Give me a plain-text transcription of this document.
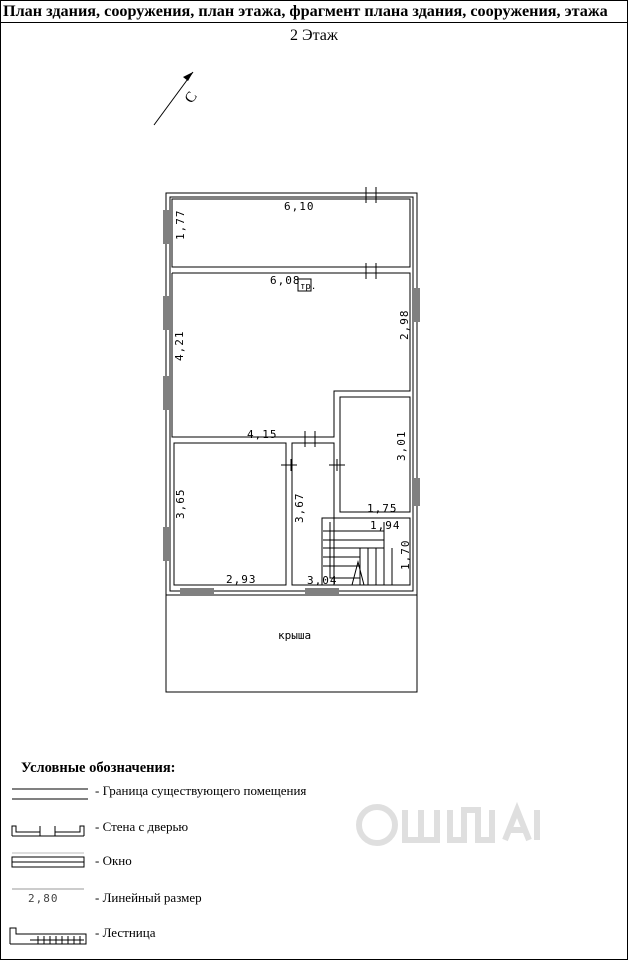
План здания, сооружения, план этажа, фрагмент плана здания, сооружения, этажа
2 Этаж
С
6,10
1,77
6,08
4,21
2,98
4,15	3,01
1,75
3,65
2,93
3,67
3,04
1,94
1,70
тр.
крыша
2,80
Условные обозначения:
- Граница существующего помещения
- Стена с дверью
- Окно
- Линейный размер
- Лестница
